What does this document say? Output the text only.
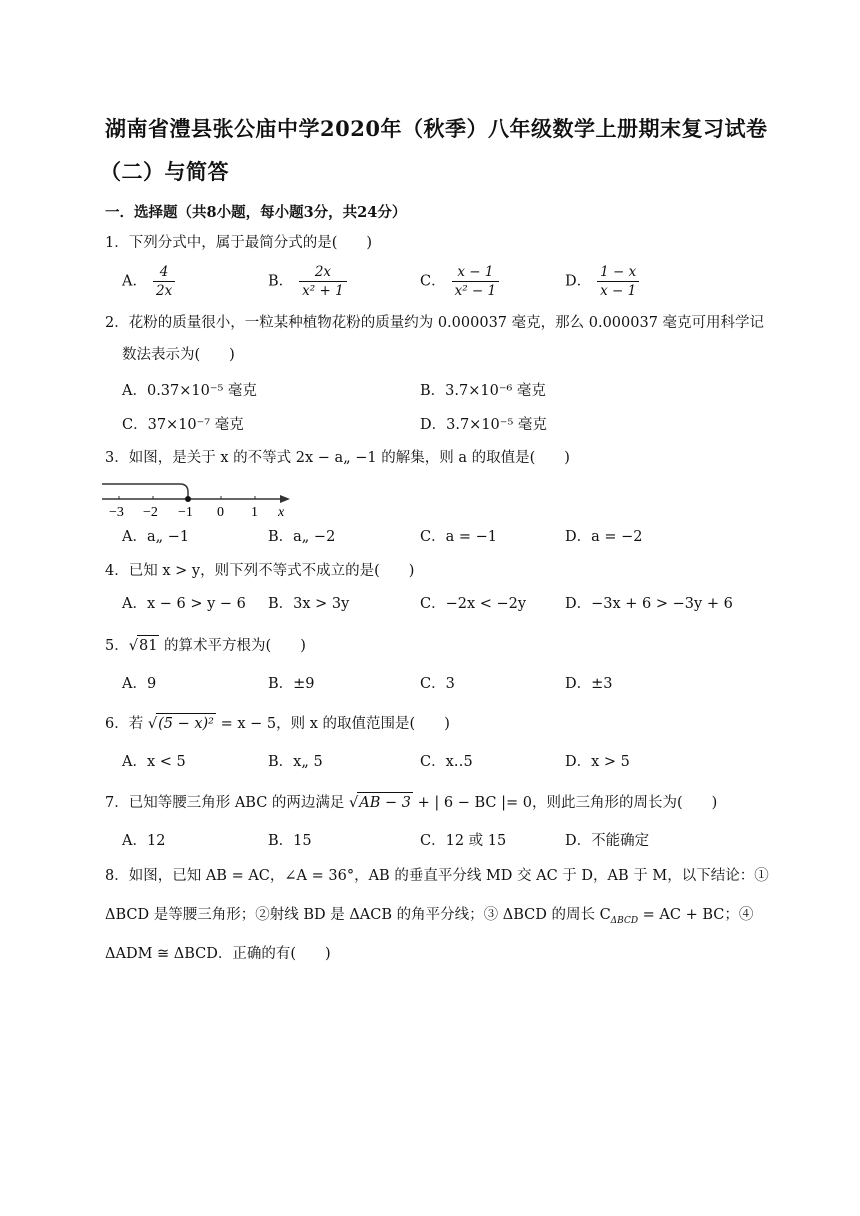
湖南省澧县张公庙中学2020年（秋季）八年级数学上册期末复习试卷
（二）与简答
一．选择题（共8小题，每小题3分，共24分）
1．下列分式中，属于最简分式的是(　　)
A． $\frac{4}{2x}$	B． $\frac{2x}{\text{x² + 1}}$	C． $\frac{x - 1}{\text{x² − 1}}$	D． $\frac{1 - x}{x - 1}$
2．花粉的质量很小，一粒某种植物花粉的质量约为 0.000037 毫克，那么 0.000037 毫克可用科学记
数法表示为(　　)
A．0.37×10⁻⁵ 毫克	B．3.7×10⁻⁶ 毫克
C．37×10⁻⁷ 毫克	D．3.7×10⁻⁵ 毫克
3．如图，是关于 x 的不等式 2x − a„ −1 的解集，则 a 的取值是(　　)
−3 −2 −1 0 1 x
A．a„ −1	B．a„ −2	C．a = −1	D．a = −2
4．已知 x > y，则下列不等式不成立的是(　　)
A．x − 6 > y − 6 B．3x > 3y	C．−2x < −2y	D．−3x + 6 > −3y + 6
5．√81 的算术平方根为(　　)
A．9	B．±9	C．3	D．±3
6．若 √(5 − x)² = x − 5，则 x 的取值范围是(　　)
A．x < 5	B．x„ 5	C．x‥5	D．x > 5
7．已知等腰三角形 ABC 的两边满足 √AB − 3 + | 6 − BC |= 0，则此三角形的周长为(　　)
A．12	B．15	C．12 或 15	D．不能确定
8．如图，已知 AB = AC，∠A = 36°，AB 的垂直平分线 MD 交 AC 于 D，AB 于 M，以下结论：①
ΔBCD 是等腰三角形；②射线 BD 是 ΔACB 的角平分线；③ ΔBCD 的周长 $C_{\Delta BCD}$ = AC + BC；④
ΔADM ≅ ΔBCD．正确的有(　　)
